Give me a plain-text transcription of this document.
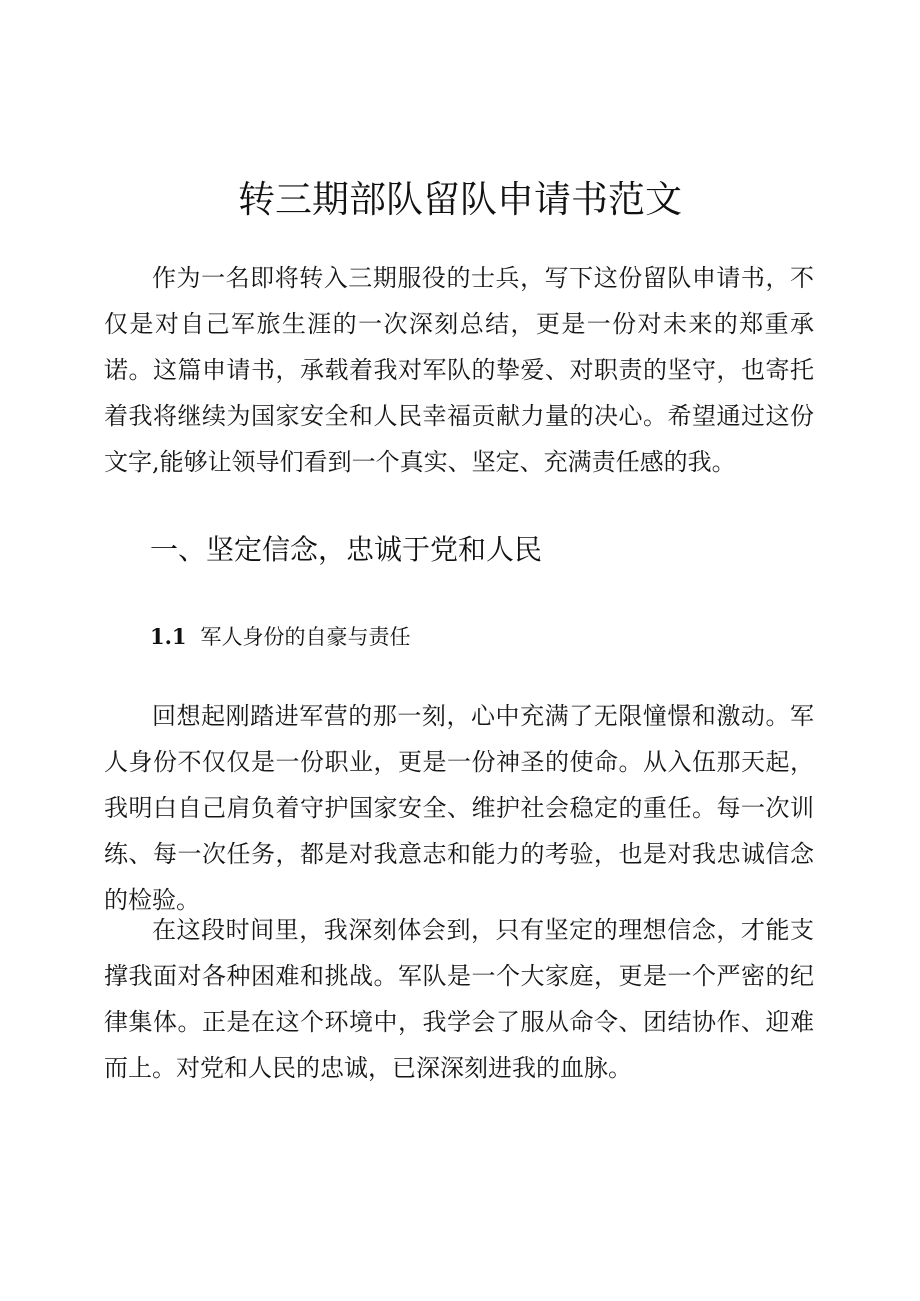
转三期部队留队申请书范文

作为一名即将转入三期服役的士兵，写下这份留队申请书，不仅是对自己军旅生涯的一次深刻总结，更是一份对未来的郑重承诺。这篇申请书，承载着我对军队的挚爱、对职责的坚守，也寄托着我将继续为国家安全和人民幸福贡献力量的决心。希望通过这份文字,能够让领导们看到一个真实、坚定、充满责任感的我。

一、坚定信念，忠诚于党和人民
1.1 军人身份的自豪与责任

回想起刚踏进军营的那一刻，心中充满了无限憧憬和激动。军人身份不仅仅是一份职业，更是一份神圣的使命。从入伍那天起，我明白自己肩负着守护国家安全、维护社会稳定的重任。每一次训练、每一次任务，都是对我意志和能力的考验，也是对我忠诚信念的检验。

在这段时间里，我深刻体会到，只有坚定的理想信念，才能支撑我面对各种困难和挑战。军队是一个大家庭，更是一个严密的纪律集体。正是在这个环境中，我学会了服从命令、团结协作、迎难而上。对党和人民的忠诚，已深深刻进我的血脉。
